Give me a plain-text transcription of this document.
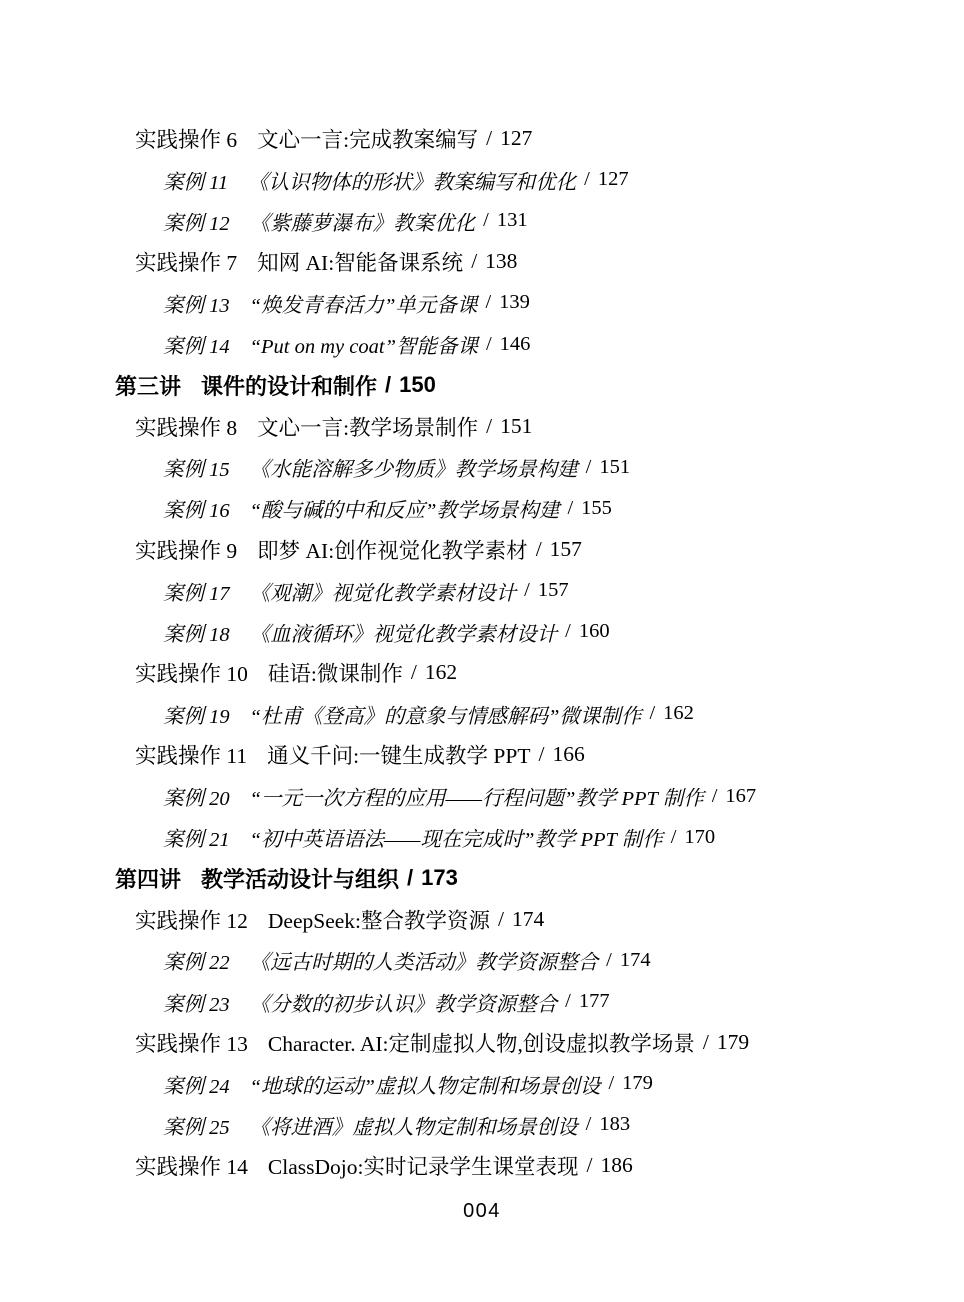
实践操作 6 文心一言:完成教案编写 / 127
案例 11 《认识物体的形状》教案编写和优化 / 127
案例 12 《紫藤萝瀑布》教案优化 / 131
实践操作 7 知网 AI:智能备课系统 / 138
案例 13 “焕发青春活力”单元备课 / 139
案例 14 “Put on my coat”智能备课 / 146
第三讲 课件的设计和制作 / 150
实践操作 8 文心一言:教学场景制作 / 151
案例 15 《水能溶解多少物质》教学场景构建 / 151
案例 16 “酸与碱的中和反应”教学场景构建 / 155
实践操作 9 即梦 AI:创作视觉化教学素材 / 157
案例 17 《观潮》视觉化教学素材设计 / 157
案例 18 《血液循环》视觉化教学素材设计 / 160
实践操作 10 硅语:微课制作 / 162
案例 19 “杜甫《登高》的意象与情感解码”微课制作 / 162
实践操作 11 通义千问:一键生成教学 PPT / 166
案例 20 “一元一次方程的应用——行程问题”教学 PPT 制作 / 167
案例 21 “初中英语语法——现在完成时”教学 PPT 制作 / 170
第四讲 教学活动设计与组织 / 173
实践操作 12 DeepSeek:整合教学资源 / 174
案例 22 《远古时期的人类活动》教学资源整合 / 174
案例 23 《分数的初步认识》教学资源整合 / 177
实践操作 13 Character. AI:定制虚拟人物,创设虚拟教学场景 / 179
案例 24 “地球的运动”虚拟人物定制和场景创设 / 179
案例 25 《将进酒》虚拟人物定制和场景创设 / 183
实践操作 14 ClassDojo:实时记录学生课堂表现 / 186
004
